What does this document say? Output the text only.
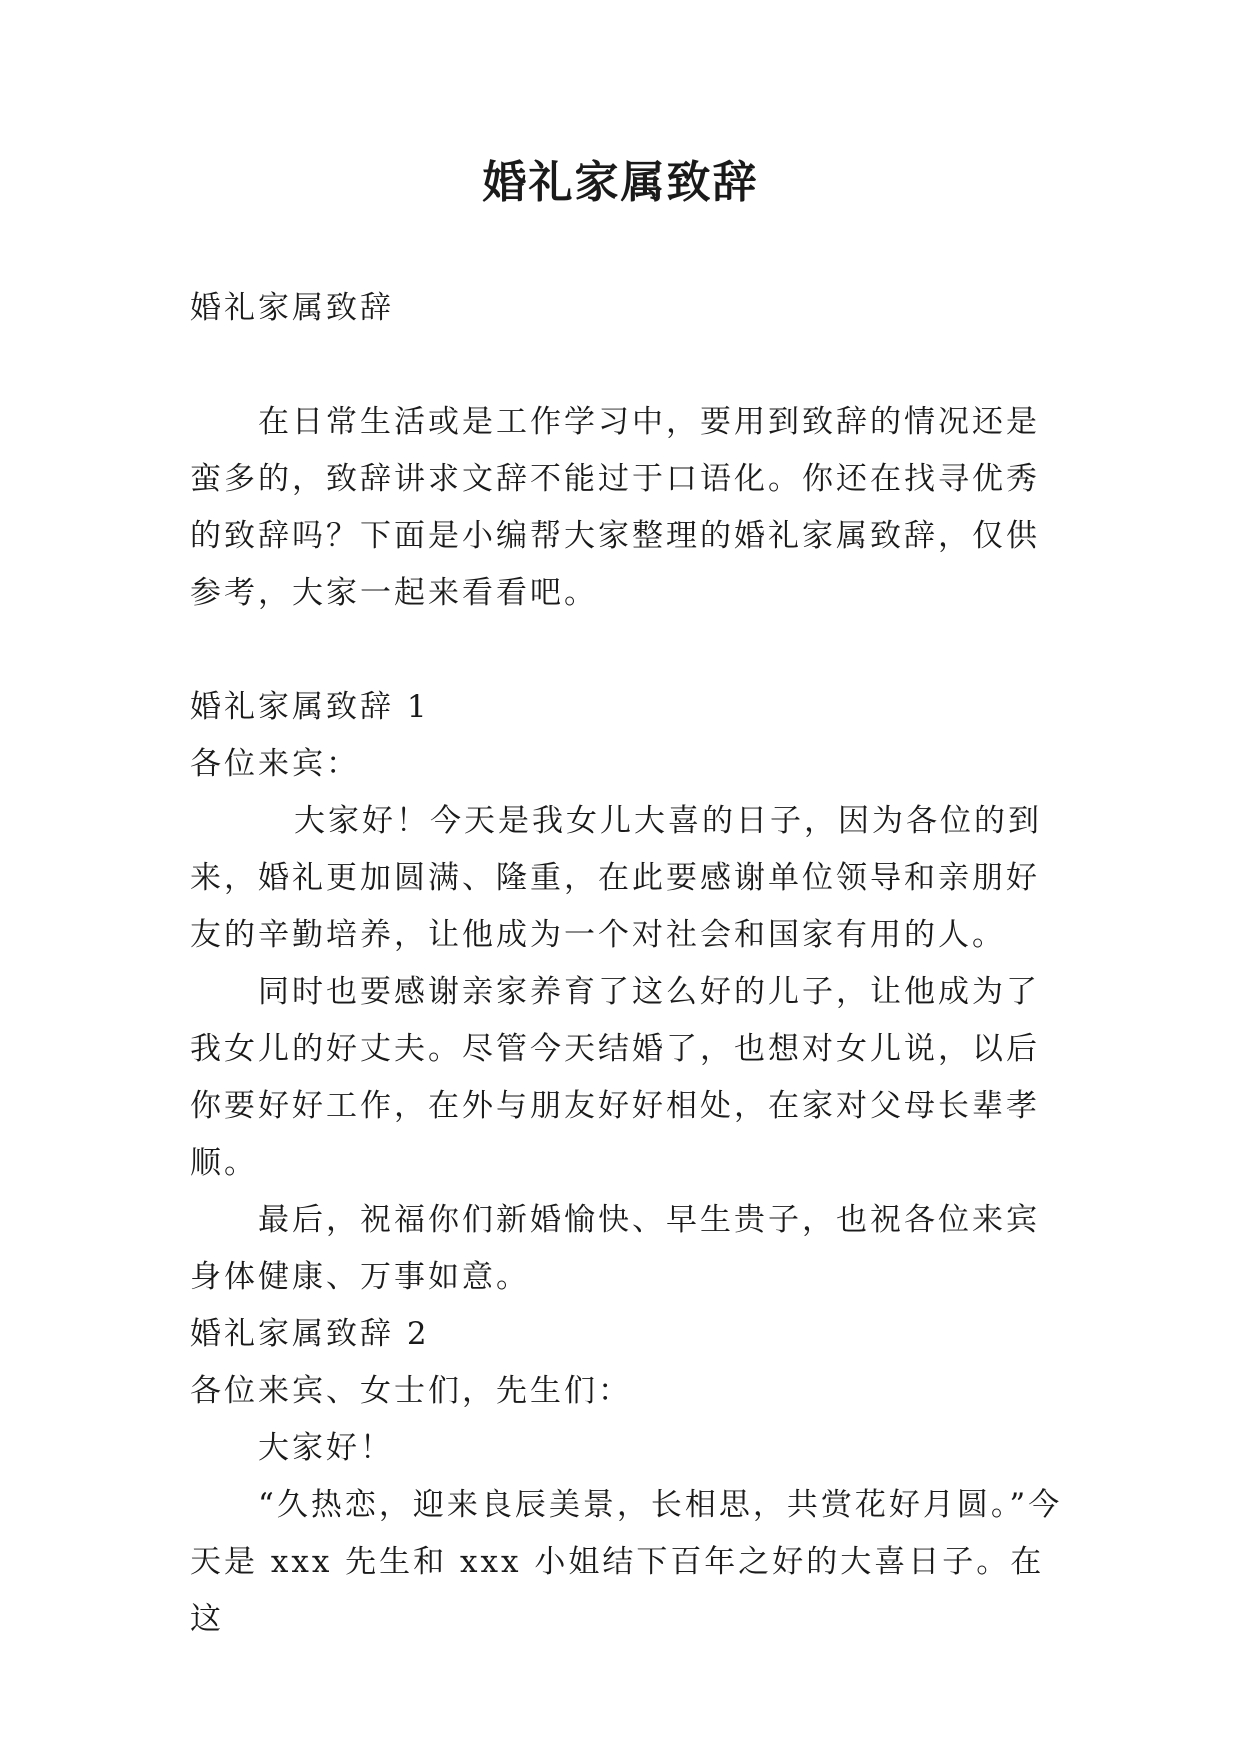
婚礼家属致辞

婚礼家属致辞

在日常生活或是工作学习中，要用到致辞的情况还是蛮多的，致辞讲求文辞不能过于口语化。你还在找寻优秀的致辞吗？下面是小编帮大家整理的婚礼家属致辞，仅供参考，大家一起来看看吧。

婚礼家属致辞 1

各位来宾：

大家好！今天是我女儿大喜的日子，因为各位的到来，婚礼更加圆满、隆重，在此要感谢单位领导和亲朋好友的辛勤培养，让他成为一个对社会和国家有用的人。

同时也要感谢亲家养育了这么好的儿子，让他成为了我女儿的好丈夫。尽管今天结婚了，也想对女儿说，以后你要好好工作，在外与朋友好好相处，在家对父母长辈孝顺。

最后，祝福你们新婚愉快、早生贵子，也祝各位来宾身体健康、万事如意。

婚礼家属致辞 2

各位来宾、女士们，先生们：

大家好！

“久热恋，迎来良辰美景，长相思，共赏花好月圆。”今天是 xxx 先生和 xxx 小姐结下百年之好的大喜日子。在这
